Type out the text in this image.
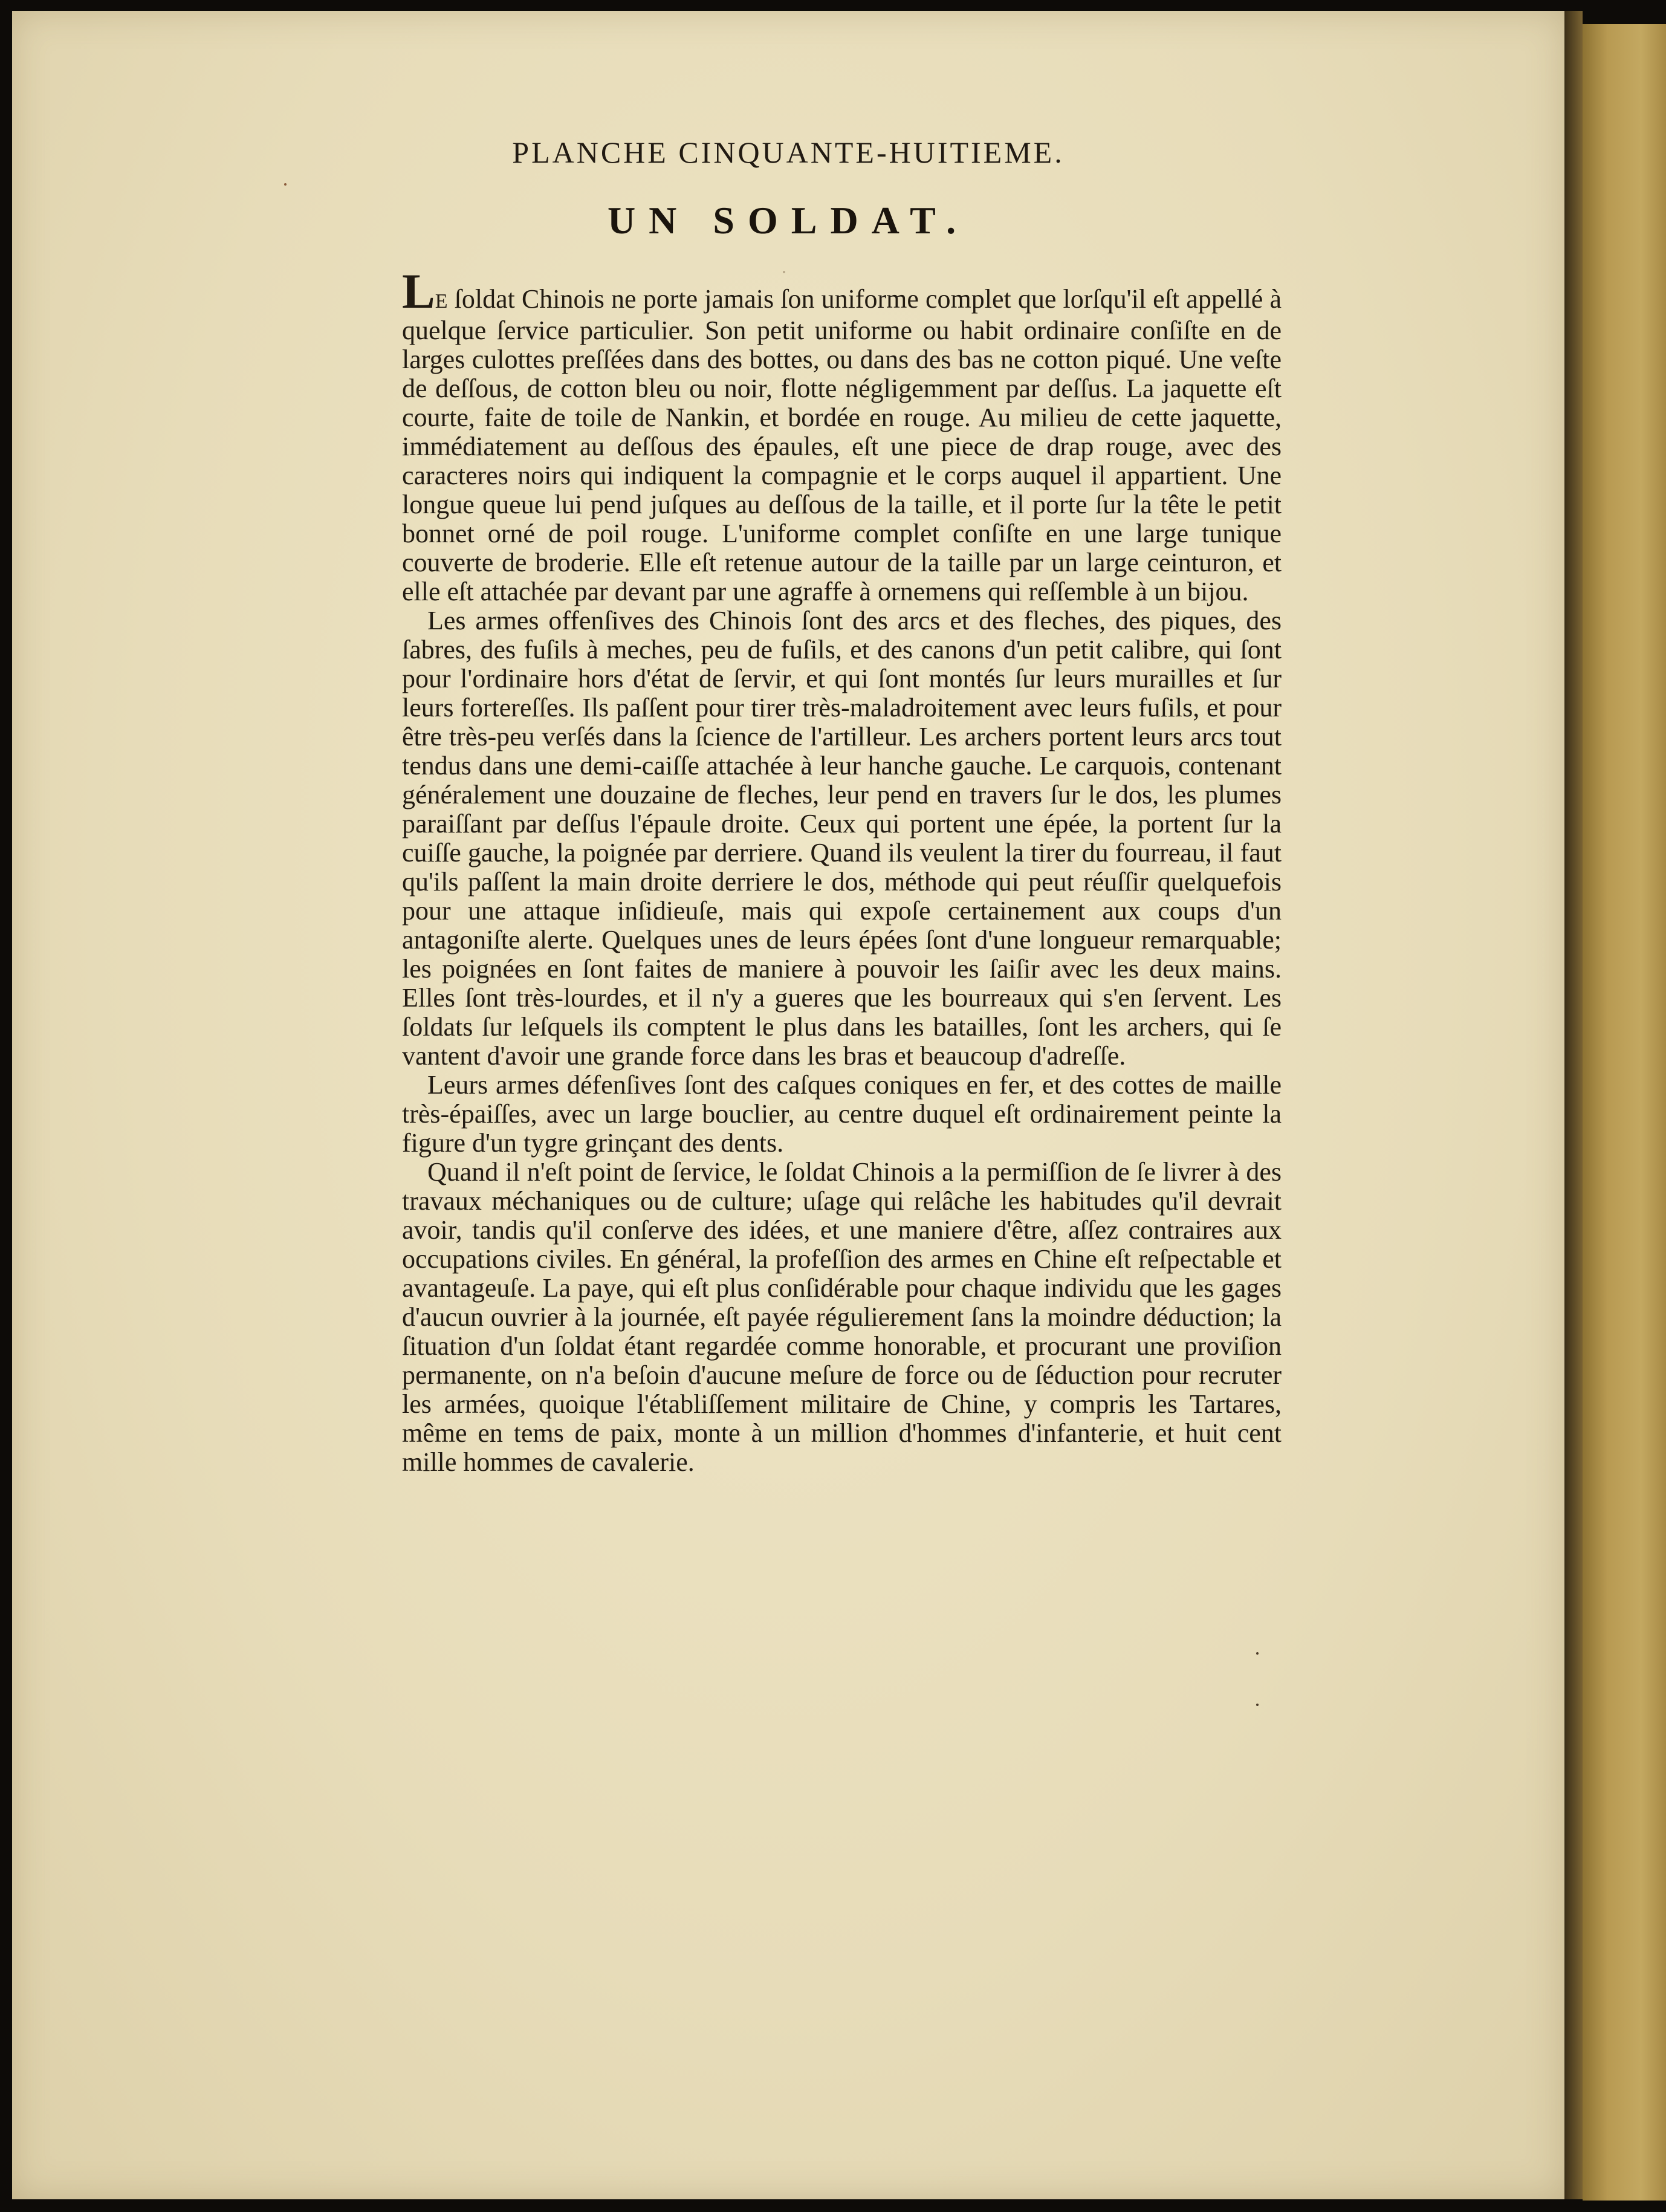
PLANCHE CINQUANTE-HUITIEME.
UN SOLDAT.

LE ſoldat Chinois ne porte jamais ſon uniforme complet que lorſqu'il eſt appellé à quelque ſervice particulier. Son petit uniforme ou habit ordinaire conſiſte en de larges culottes preſſées dans des bottes, ou dans des bas ne cotton piqué. Une veſte de deſſous, de cotton bleu ou noir, flotte négligemment par deſſus. La jaquette eſt courte, faite de toile de Nankin, et bordée en rouge. Au milieu de cette jaquette, immédiatement au deſſous des épaules, eſt une piece de drap rouge, avec des caracteres noirs qui indiquent la compagnie et le corps auquel il appartient. Une longue queue lui pend juſques au deſſous de la taille, et il porte ſur la tête le petit bonnet orné de poil rouge. L'uniforme complet conſiſte en une large tunique couverte de broderie. Elle eſt retenue autour de la taille par un large ceinturon, et elle eſt attachée par devant par une agraffe à ornemens qui reſſemble à un bijou.

Les armes offenſives des Chinois ſont des arcs et des fleches, des piques, des ſabres, des fuſils à meches, peu de fuſils, et des canons d'un petit calibre, qui ſont pour l'ordinaire hors d'état de ſervir, et qui ſont montés ſur leurs murailles et ſur leurs fortereſſes. Ils paſſent pour tirer très-maladroitement avec leurs fuſils, et pour être très-peu verſés dans la ſcience de l'artilleur. Les archers portent leurs arcs tout tendus dans une demi-caiſſe attachée à leur hanche gauche. Le carquois, contenant généralement une douzaine de fleches, leur pend en travers ſur le dos, les plumes paraiſſant par deſſus l'épaule droite. Ceux qui portent une épée, la portent ſur la cuiſſe gauche, la poignée par derriere. Quand ils veulent la tirer du fourreau, il faut qu'ils paſſent la main droite derriere le dos, méthode qui peut réuſſir quelquefois pour une attaque inſidieuſe, mais qui expoſe certainement aux coups d'un antagoniſte alerte. Quelques unes de leurs épées ſont d'une longueur remarquable; les poignées en ſont faites de maniere à pouvoir les ſaiſir avec les deux mains. Elles ſont très-lourdes, et il n'y a gueres que les bourreaux qui s'en ſervent. Les ſoldats ſur leſquels ils comptent le plus dans les batailles, ſont les archers, qui ſe vantent d'avoir une grande force dans les bras et beaucoup d'adreſſe.

Leurs armes défenſives ſont des caſques coniques en fer, et des cottes de maille très-épaiſſes, avec un large bouclier, au centre duquel eſt ordinairement peinte la figure d'un tygre grinçant des dents.

Quand il n'eſt point de ſervice, le ſoldat Chinois a la permiſſion de ſe livrer à des travaux méchaniques ou de culture; uſage qui relâche les habitudes qu'il devrait avoir, tandis qu'il conſerve des idées, et une maniere d'être, aſſez contraires aux occupations civiles. En général, la profeſſion des armes en Chine eſt reſpectable et avantageuſe. La paye, qui eſt plus conſidérable pour chaque individu que les gages d'aucun ouvrier à la journée, eſt payée régulierement ſans la moindre déduction; la ſituation d'un ſoldat étant regardée comme honorable, et procurant une proviſion permanente, on n'a beſoin d'aucune meſure de force ou de ſéduction pour recruter les armées, quoique l'établiſſement militaire de Chine, y compris les Tartares, même en tems de paix, monte à un million d'hommes d'infanterie, et huit cent mille hommes de cavalerie.
